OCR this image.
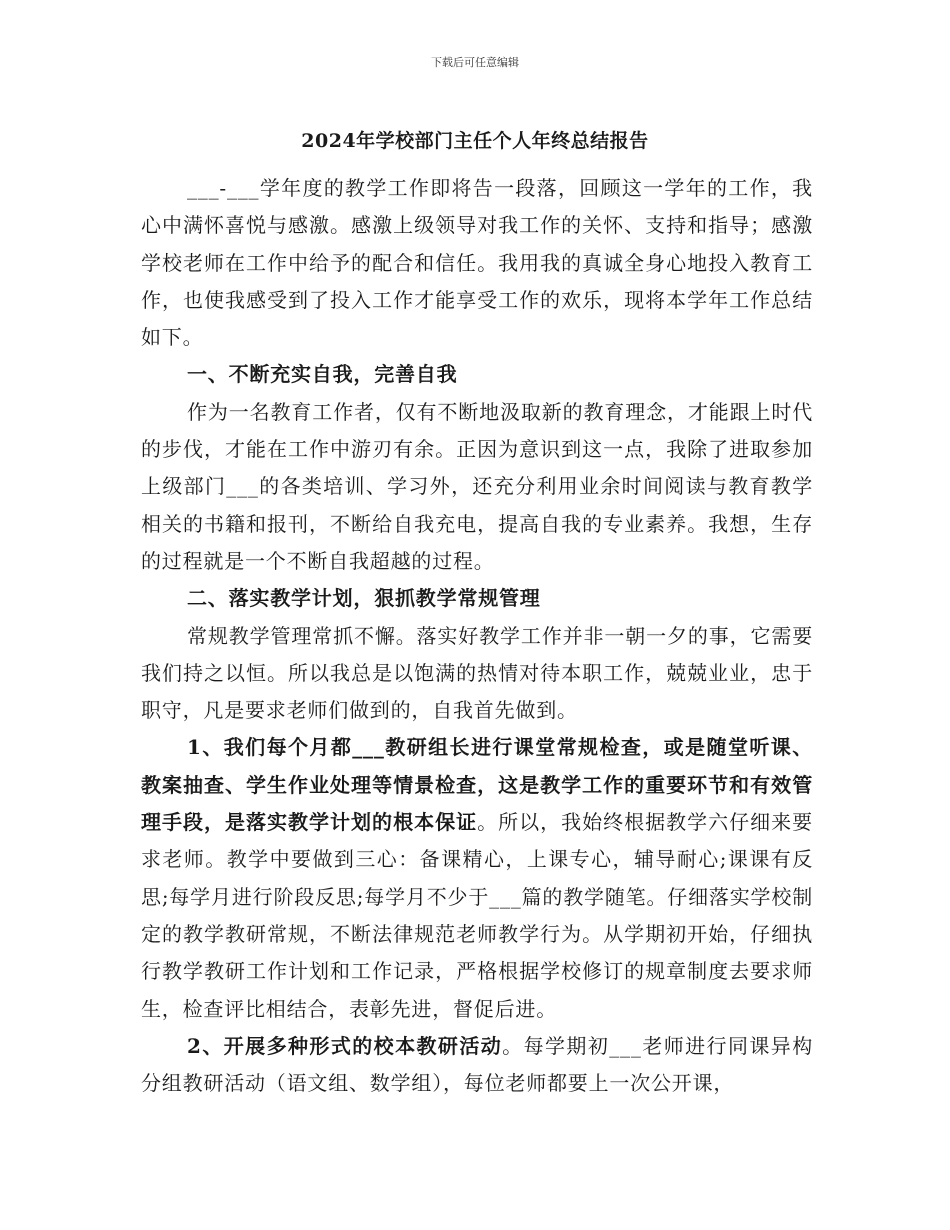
下载后可任意编辑
2024年学校部门主任个人年终总结报告

___-___学年度的教学工作即将告一段落，回顾这一学年的工作，我心中满怀喜悦与感激。感激上级领导对我工作的关怀、支持和指导；感激学校老师在工作中给予的配合和信任。我用我的真诚全身心地投入教育工作，也使我感受到了投入工作才能享受工作的欢乐，现将本学年工作总结如下。

一、不断充实自我，完善自我

作为一名教育工作者，仅有不断地汲取新的教育理念，才能跟上时代的步伐，才能在工作中游刃有余。正因为意识到这一点，我除了进取参加上级部门___的各类培训、学习外，还充分利用业余时间阅读与教育教学相关的书籍和报刊，不断给自我充电，提高自我的专业素养。我想，生存的过程就是一个不断自我超越的过程。

二、落实教学计划，狠抓教学常规管理

常规教学管理常抓不懈。落实好教学工作并非一朝一夕的事，它需要我们持之以恒。所以我总是以饱满的热情对待本职工作，兢兢业业，忠于职守，凡是要求老师们做到的，自我首先做到。

1、我们每个月都___教研组长进行课堂常规检查，或是随堂听课、教案抽查、学生作业处理等情景检查，这是教学工作的重要环节和有效管理手段，是落实教学计划的根本保证。所以，我始终根据教学六仔细来要求老师。教学中要做到三心：备课精心，上课专心，辅导耐心;课课有反思;每学月进行阶段反思;每学月不少于___篇的教学随笔。仔细落实学校制定的教学教研常规，不断法律规范老师教学行为。从学期初开始，仔细执行教学教研工作计划和工作记录，严格根据学校修订的规章制度去要求师生，检查评比相结合，表彰先进，督促后进。

2、开展多种形式的校本教研活动。每学期初___老师进行同课异构分组教研活动（语文组、数学组），每位老师都要上一次公开课，
